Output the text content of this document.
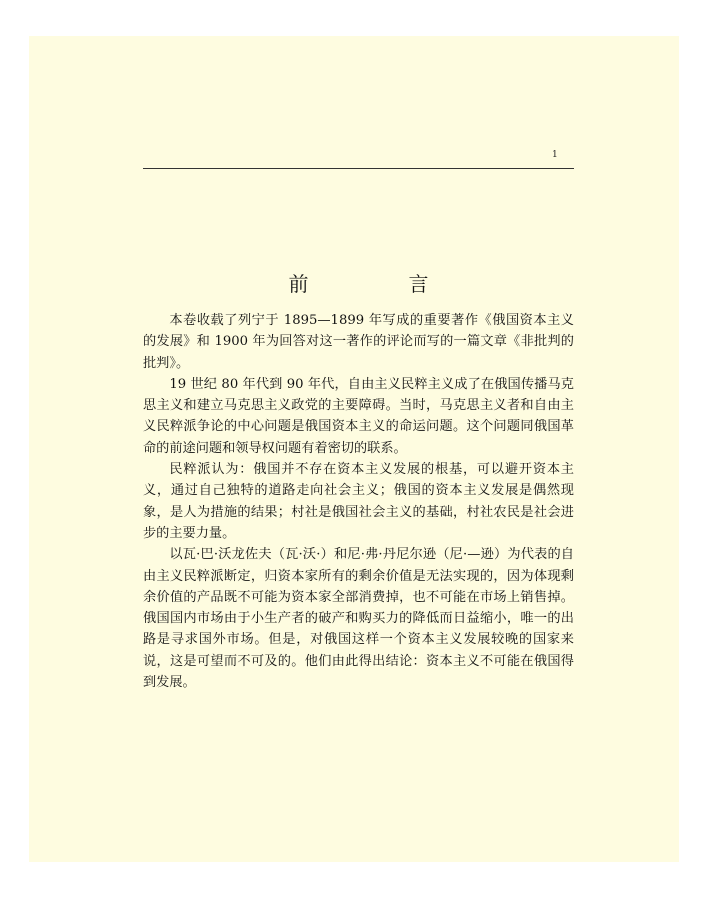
1
前　言

本卷收载了列宁于 1895—1899 年写成的重要著作《俄国资本主义的发展》和 1900 年为回答对这一著作的评论而写的一篇文章《非批判的批判》。

19 世纪 80 年代到 90 年代，自由主义民粹主义成了在俄国传播马克思主义和建立马克思主义政党的主要障碍。当时，马克思主义者和自由主义民粹派争论的中心问题是俄国资本主义的命运问题。这个问题同俄国革命的前途问题和领导权问题有着密切的联系。

民粹派认为：俄国并不存在资本主义发展的根基，可以避开资本主义，通过自己独特的道路走向社会主义；俄国的资本主义发展是偶然现象，是人为措施的结果；村社是俄国社会主义的基础，村社农民是社会进步的主要力量。

以瓦·巴·沃龙佐夫（瓦·沃·）和尼·弗·丹尼尔逊（尼·—逊）为代表的自由主义民粹派断定，归资本家所有的剩余价值是无法实现的，因为体现剩余价值的产品既不可能为资本家全部消费掉，也不可能在市场上销售掉。俄国国内市场由于小生产者的破产和购买力的降低而日益缩小，唯一的出路是寻求国外市场。但是，对俄国这样一个资本主义发展较晚的国家来说，这是可望而不可及的。他们由此得出结论：资本主义不可能在俄国得到发展。
